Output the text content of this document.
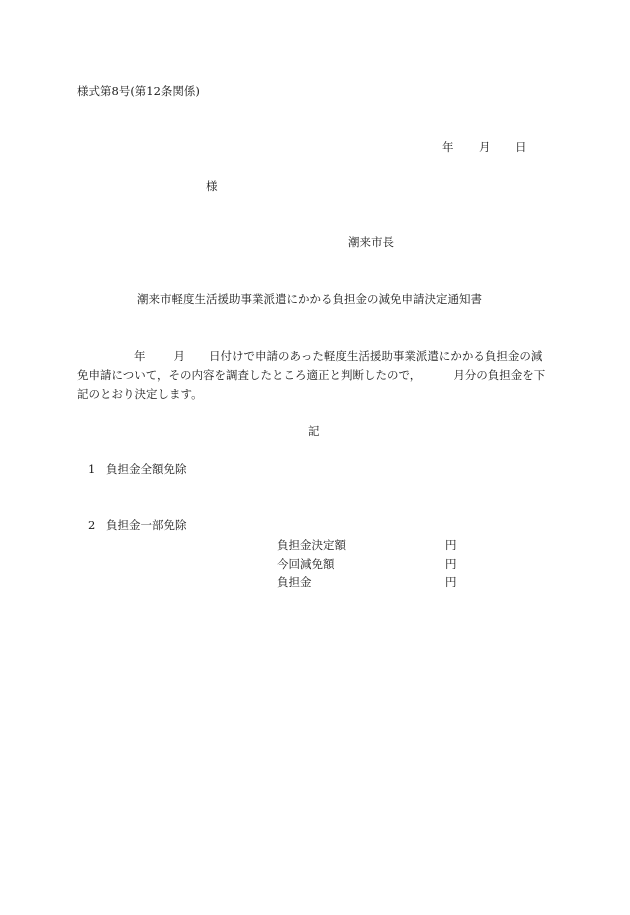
様式第8号(第12条関係)
年 月 日
様
潮来市長
潮来市軽度生活援助事業派遣にかかる負担金の減免申請決定通知書
年 月 日付けで申請のあった軽度生活援助事業派遣にかかる負担金の減
免申請について，その内容を調査したところ適正と判断したので，	月分の負担金を下
記のとおり決定します。
記
1 負担金全額免除
2 負担金一部免除
負担金決定額	円
今回減免額	円
負担金	円
